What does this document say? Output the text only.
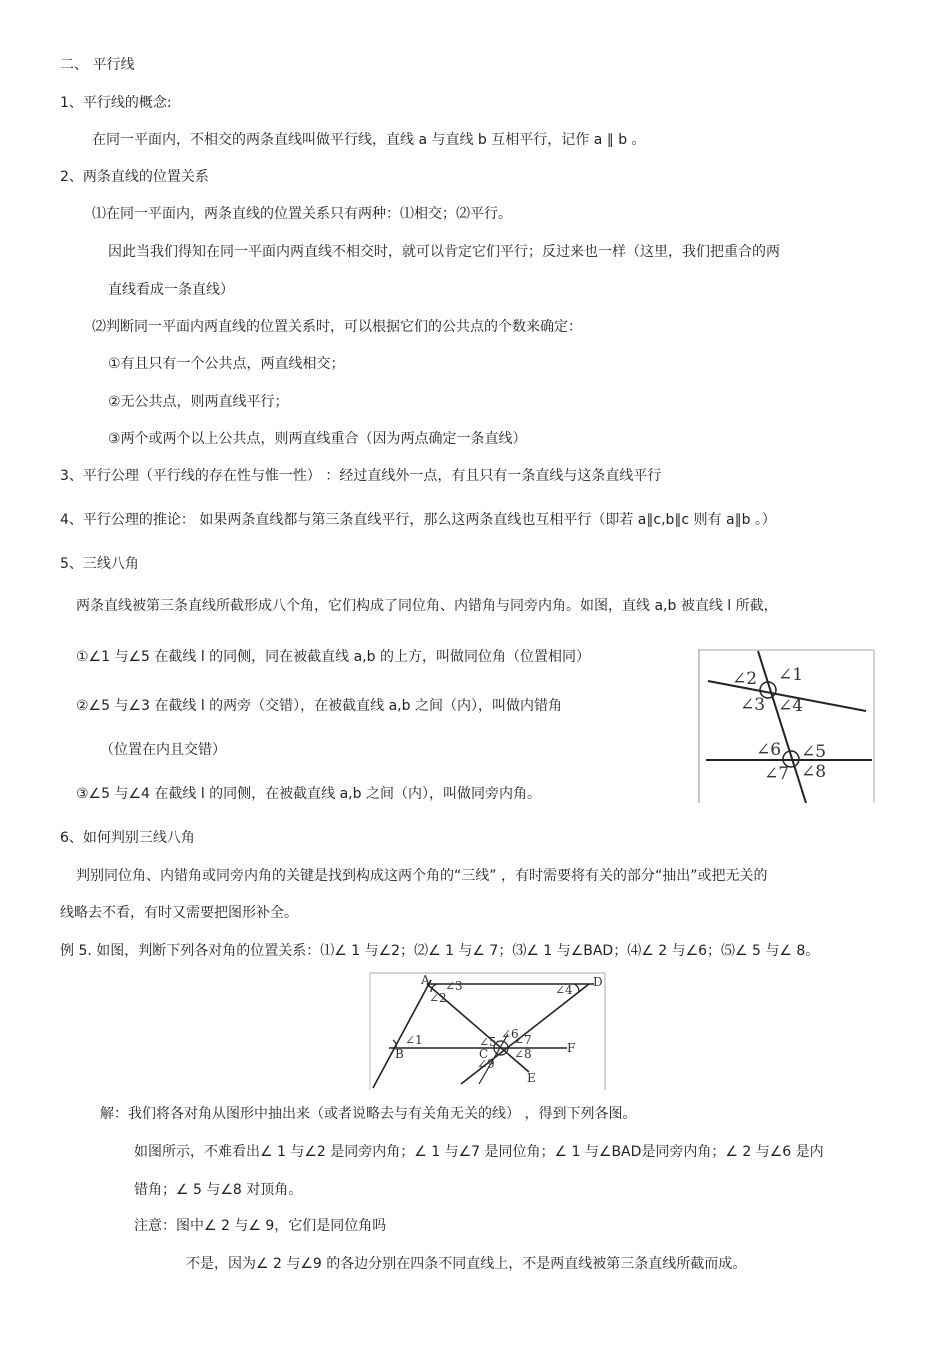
二、 平行线
1、平行线的概念:
在同一平面内，不相交的两条直线叫做平行线，直线 a 与直线 b 互相平行，记作 a ∥ b 。
2、两条直线的位置关系
⑴在同一平面内，两条直线的位置关系只有两种：⑴相交；⑵平行。
因此当我们得知在同一平面内两直线不相交时，就可以肯定它们平行；反过来也一样（这里，我们把重合的两
直线看成一条直线）
⑵判断同一平面内两直线的位置关系时，可以根据它们的公共点的个数来确定：
①有且只有一个公共点，两直线相交；
②无公共点，则两直线平行；
③两个或两个以上公共点，则两直线重合（因为两点确定一条直线）
3、平行公理（平行线的存在性与惟一性） ：经过直线外一点，有且只有一条直线与这条直线平行
4、平行公理的推论： 如果两条直线都与第三条直线平行，那么这两条直线也互相平行（即若 a∥c,b∥c 则有 a∥b 。）
5、三线八角
两条直线被第三条直线所截形成八个角，它们构成了同位角、内错角与同旁内角。如图，直线 a,b 被直线 l 所截，
①∠1 与∠5 在截线 l 的同侧，同在被截直线 a,b 的上方，叫做同位角（位置相同）
②∠5 与∠3 在截线 l 的两旁（交错），在被截直线 a,b 之间（内），叫做内错角
（位置在内且交错）
③∠5 与∠4 在截线 l 的同侧，在被截直线 a,b 之间（内），叫做同旁内角。
∠2 ∠1
∠3 ∠4
∠6 ∠5
∠7 ∠8
6、如何判别三线八角
判别同位角、内错角或同旁内角的关键是找到构成这两个角的“三线” ，有时需要将有关的部分“抽出”或把无关的
线略去不看，有时又需要把图形补全。
例 5. 如图，判断下列各对角的位置关系：⑴∠ 1 与∠2；⑵∠ 1 与∠ 7；⑶∠ 1 与∠BAD；⑷∠ 2 与∠6；⑸∠ 5 与∠ 8。
A	D
B	C	F
E
∠3
∠2
∠4
∠1	∠5
∠6
∠7
∠8
∠9
解：我们将各对角从图形中抽出来（或者说略去与有关角无关的线） ，得到下列各图。
如图所示，不难看出∠ 1 与∠2 是同旁内角；∠ 1 与∠7 是同位角；∠ 1 与∠BAD是同旁内角；∠ 2 与∠6 是内
错角；∠ 5 与∠8 对顶角。
注意：图中∠ 2 与∠ 9，它们是同位角吗
不是，因为∠ 2 与∠9 的各边分别在四条不同直线上，不是两直线被第三条直线所截而成。
